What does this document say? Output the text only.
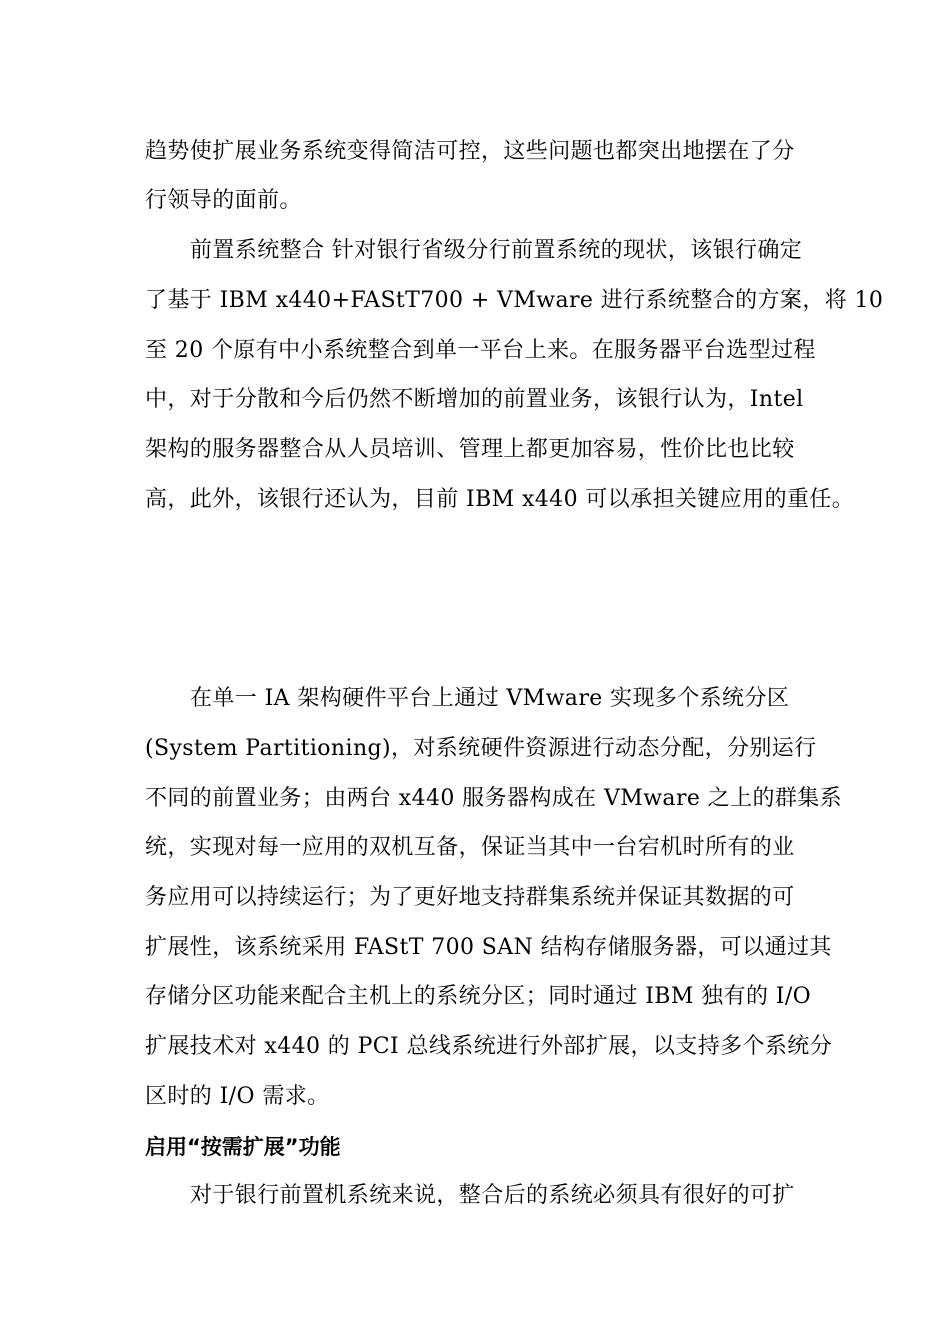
趋势使扩展业务系统变得简洁可控，这些问题也都突出地摆在了分
行领导的面前。
前置系统整合 针对银行省级分行前置系统的现状，该银行确定
了基于 IBM x440+FAStT700 + VMware 进行系统整合的方案，将 10
至 20 个原有中小系统整合到单一平台上来。在服务器平台选型过程
中，对于分散和今后仍然不断增加的前置业务，该银行认为，Intel
架构的服务器整合从人员培训、管理上都更加容易，性价比也比较
高，此外，该银行还认为，目前 IBM x440 可以承担关键应用的重任。
在单一 IA 架构硬件平台上通过 VMware 实现多个系统分区
(System Partitioning)，对系统硬件资源进行动态分配，分别运行
不同的前置业务；由两台 x440 服务器构成在 VMware 之上的群集系
统，实现对每一应用的双机互备，保证当其中一台宕机时所有的业
务应用可以持续运行；为了更好地支持群集系统并保证其数据的可
扩展性，该系统采用 FAStT 700 SAN 结构存储服务器，可以通过其
存储分区功能来配合主机上的系统分区；同时通过 IBM 独有的 I/O
扩展技术对 x440 的 PCI 总线系统进行外部扩展，以支持多个系统分
区时的 I/O 需求。
启用“按需扩展”功能
对于银行前置机系统来说，整合后的系统必须具有很好的可扩
